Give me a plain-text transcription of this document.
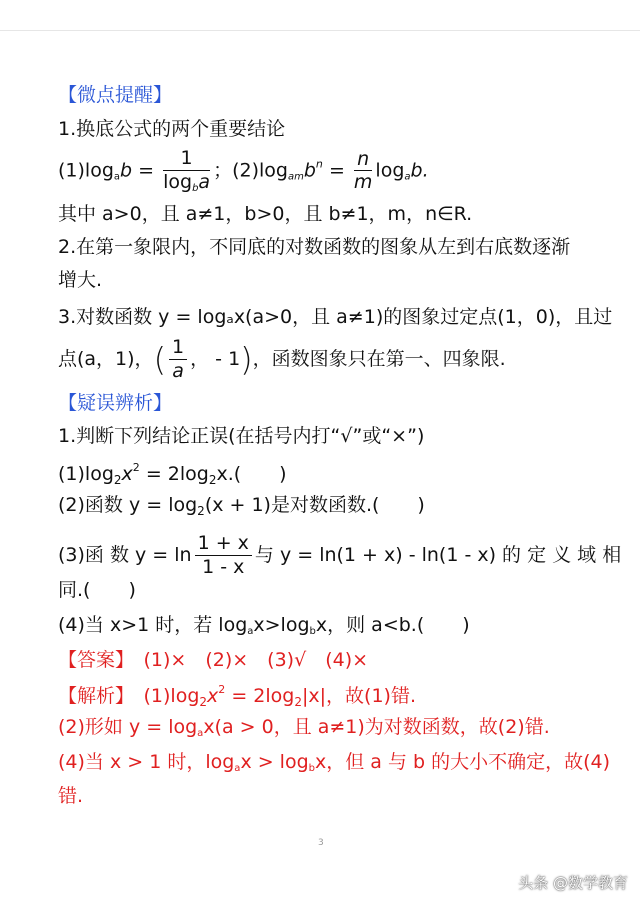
【微点提醒】
1.换底公式的两个重要结论
(1)logab = $\frac{1}{\text{logba}}$ ；(2)logamb$^n$ = $\frac{n}{m}$ logab.
其中 a>0，且 a≠1，b>0，且 b≠1，m，n∈R.
2.在第一象限内，不同底的对数函数的图象从左到右底数逐渐
增大.
3.对数函数 y = logₐx(a>0，且 a≠1)的图象过定点(1，0)，且过
点(a，1)，( $\frac{1}{a}$ ， - 1)，函数图象只在第一、四象限.
【疑误辨析】
1.判断下列结论正误(在括号内打“√”或“×”)
$(1)\log_2x^2 = 2\log_2x$.(　　)
(2)函数 $y = \log_2(x + 1)$是对数函数.(　　)
(3)函 数 $y = \ln \frac{1 + x}{1 - x}$ 与 y = ln(1 + x) - ln(1 - x) 的 定 义 域 相
同.(　　)
(4)当 x>1 时，若 logax>logbx，则 a<b.(　　)
【答案】　(1)×　(2)×　(3)√　(4)×
【解析】　$(1)\log_2x^2 = 2\log_2|x|$，故(1)错.
(2)形如 y = logax(a > 0，且 a≠1)为对数函数，故(2)错.
(4)当 x > 1 时，logax > logbx，但 a 与 b 的大小不确定，故(4)
错.
3
头条 @数学教育
